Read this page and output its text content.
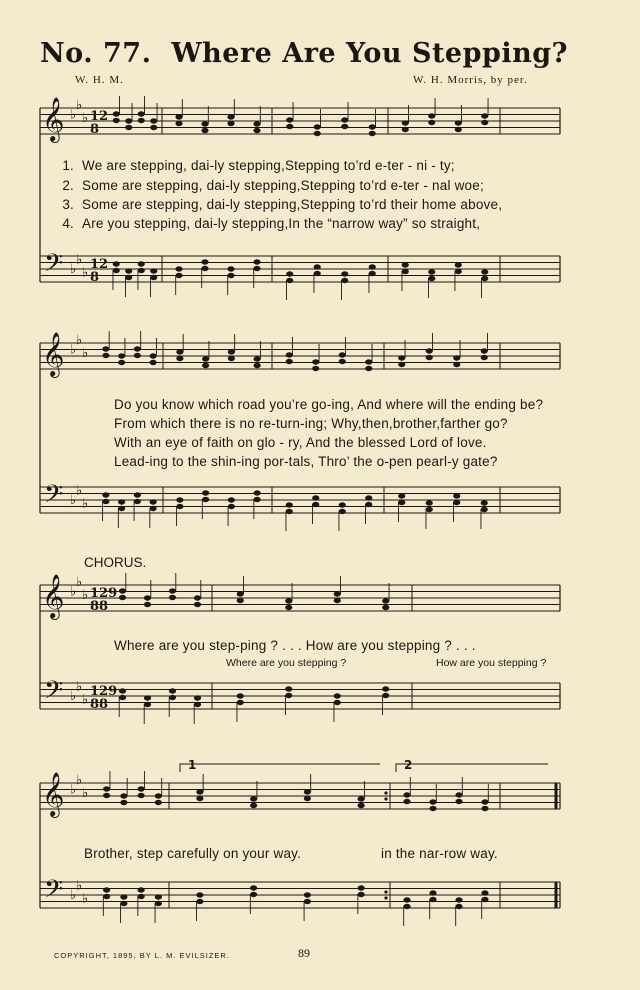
No. 77. Where Are You Stepping?
W. H. M.	W. H. Morris, by per.
𝄞
𝄢
♭
♭
♭
♭
♭
♭
12
8
12
8
𝄞
𝄢
♭
♭
♭
♭
♭
♭
𝄞
𝄢
♭
♭
♭
♭
♭
♭
129
88
129
88
𝄞
𝄢
♭
♭
♭
♭
♭
♭
1. We are stepping, dai-ly stepping,Stepping to’rd e-ter - ni - ty;
2. Some are stepping, dai-ly stepping,Stepping to’rd e-ter - nal woe;
3. Some are stepping, dai-ly stepping,Stepping to’rd their home above,
4. Are you stepping, dai-ly stepping,In the “narrow way” so straight,
Do you know which road you’re go-ing, And where will the ending be?
From which there is no re-turn-ing; Why,then,brother,farther go?
With an eye of faith on glo - ry, And the blessed Lord of love.
Lead-ing to the shin-ing por-tals, Thro’ the o-pen pearl-y gate?
CHORUS.
Where are you step-ping ? . . . How are you stepping ? . . .
Where are you stepping ?	How are you stepping ?
Brother, step carefully on your way.	in the nar-row way.
1	2
COPYRIGHT, 1895, BY L. M. EVILSIZER.	89
